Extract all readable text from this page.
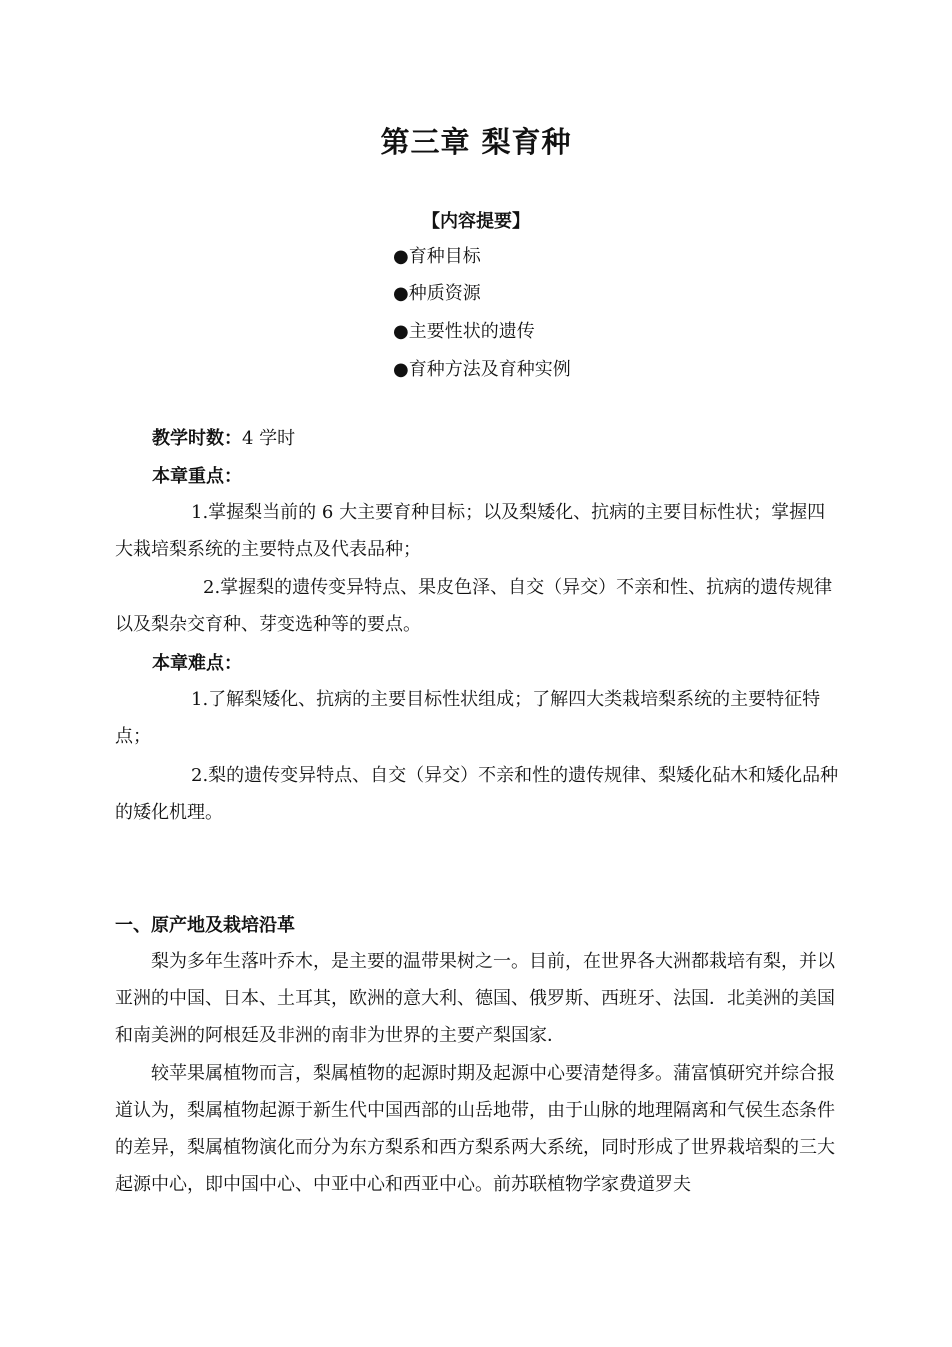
第三章 梨育种
【内容提要】
●育种目标
●种质资源
●主要性状的遗传
●育种方法及育种实例
教学时数：4 学时
本章重点：
1.掌握梨当前的 6 大主要育种目标；以及梨矮化、抗病的主要目标性状；掌握四大栽培梨系统的主要特点及代表品种；
2.掌握梨的遗传变异特点、果皮色泽、自交（异交）不亲和性、抗病的遗传规律以及梨杂交育种、芽变选种等的要点。
本章难点：
1.了解梨矮化、抗病的主要目标性状组成；了解四大类栽培梨系统的主要特征特点；
2.梨的遗传变异特点、自交（异交）不亲和性的遗传规律、梨矮化砧木和矮化品种的矮化机理。
一、原产地及栽培沿革
梨为多年生落叶乔木，是主要的温带果树之一。目前，在世界各大洲都栽培有梨，并以亚洲的中国、日本、土耳其，欧洲的意大利、德国、俄罗斯、西班牙、法国．北美洲的美国和南美洲的阿根廷及非洲的南非为世界的主要产梨国家．
较苹果属植物而言，梨属植物的起源时期及起源中心要清楚得多。蒲富慎研究并综合报道认为，梨属植物起源于新生代中国西部的山岳地带，由于山脉的地理隔离和气侯生态条件的差异，梨属植物演化而分为东方梨系和西方梨系两大系统，同时形成了世界栽培梨的三大起源中心，即中国中心、中亚中心和西亚中心。前苏联植物学家费道罗夫
